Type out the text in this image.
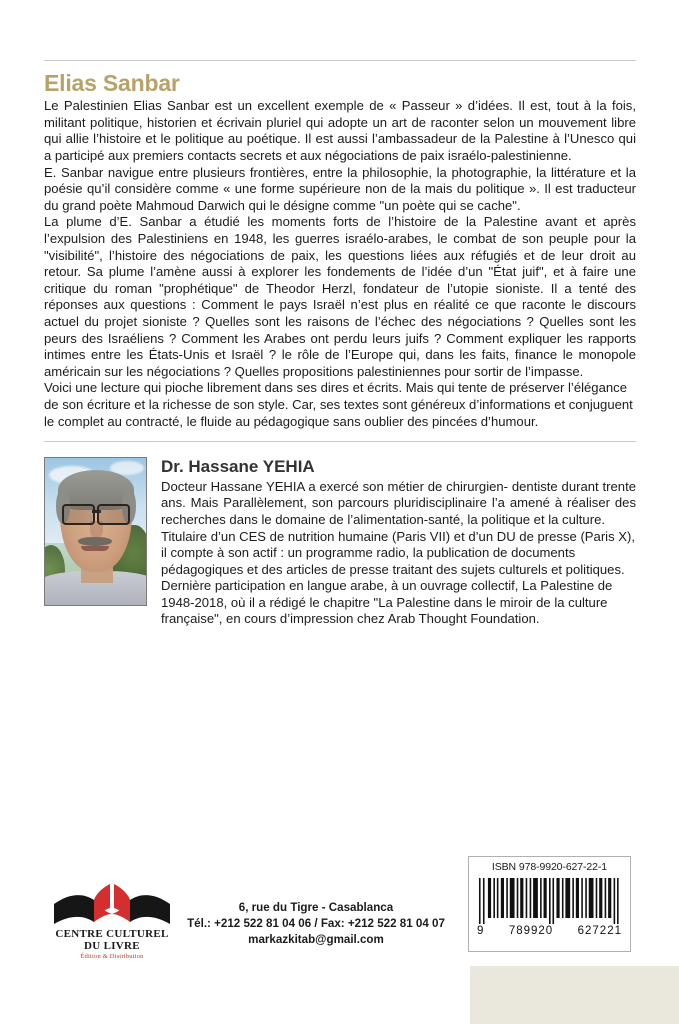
Elias Sanbar

Le Palestinien Elias Sanbar est un excellent exemple de « Passeur » d’idées. Il est, tout à la fois, militant politique, historien et écrivain pluriel qui adopte un art de raconter selon un mouvement libre qui allie l’histoire et le politique au poétique. Il est aussi l’ambassadeur de la Palestine à l’Unesco qui a participé aux premiers contacts secrets et aux négociations de paix israélo-palestinienne.

E. Sanbar navigue entre plusieurs frontières, entre la philosophie, la photographie, la littérature et la poésie qu’il considère comme « une forme supérieure non de la mais du politique ». Il est traducteur du grand poète Mahmoud Darwich qui le désigne comme "un poète qui se cache".

La plume d’E. Sanbar a étudié les moments forts de l’histoire de la Palestine avant et après l’expulsion des Palestiniens en 1948, les guerres israélo-arabes, le combat de son peuple pour la "visibilité", l’histoire des négociations de paix, les questions liées aux réfugiés et de leur droit au retour. Sa plume l’amène aussi à explorer les fondements de l’idée d’un "État juif", et à faire une critique du roman "prophétique" de Theodor Herzl, fondateur de l’utopie sioniste. Il a tenté des réponses aux questions : Comment le pays Israël n’est plus en réalité ce que raconte le discours actuel du projet sioniste ? Quelles sont les raisons de l’échec des négociations ? Quelles sont les peurs des Israéliens ? Comment les Arabes ont perdu leurs juifs ? Comment expliquer les rapports intimes entre les États-Unis et Israël ? le rôle de l’Europe qui, dans les faits, finance le monopole américain sur les négociations ? Quelles propositions palestiniennes pour sortir de l’impasse.

Voici une lecture qui pioche librement dans ses dires et écrits. Mais qui tente de préserver l’élégance de son écriture et la richesse de son style. Car, ses textes sont généreux d’informations et conjuguent le complet au contracté, le fluide au pédagogique sans oublier des pincées d’humour.

Dr. Hassane YEHIA

Docteur Hassane YEHIA a exercé son métier de chirurgien- dentiste durant trente ans. Mais Parallèlement, son parcours pluridisciplinaire l’a amené à réaliser des recherches dans le domaine de l’alimentation-santé, la politique et la culture.

Titulaire d’un CES de nutrition humaine (Paris VII) et d’un DU de presse (Paris X), il compte à son actif : un programme radio, la publication de documents pédagogiques et des articles de presse traitant des sujets culturels et politiques. Dernière participation en langue arabe, à un ouvrage collectif, La Palestine de 1948-2018, où il a rédigé le chapitre "La Palestine dans le miroir de la culture française", en cours d’impression chez Arab Thought Foundation.

CENTRE CULTUREL DU LIVRE
Édition & Distribution
6, rue du Tigre - Casablanca
Tél.: +212 522 81 04 06 / Fax: +212 522 81 04 07
markazkitab@gmail.com
ISBN 978-9920-627-22-1
9 789920 627221
